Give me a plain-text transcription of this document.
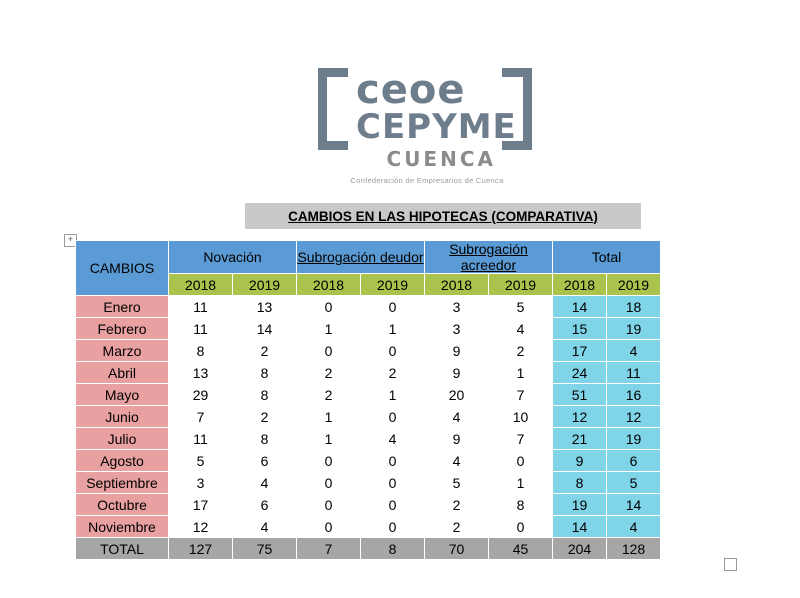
ceoe
CEPYME
CUENCA
Confederación de Empresarios de Cuenca
CAMBIOS EN LAS HIPOTECAS (COMPARATIVA)
+
CAMBIOS	Novación		Subrogación deudor		Subrogación acreedor		Total	
	2018	2019	2018	2019	2018	2019	2018	2019
Enero	11	13	0	0	3	5	14	18
Febrero	11	14	1	1	3	4	15	19
Marzo	8	2	0	0	9	2	17	4
Abril	13	8	2	2	9	1	24	11
Mayo	29	8	2	1	20	7	51	16
Junio	7	2	1	0	4	10	12	12
Julio	11	8	1	4	9	7	21	19
Agosto	5	6	0	0	4	0	9	6
Septiembre	3	4	0	0	5	1	8	5
Octubre	17	6	0	0	2	8	19	14
Noviembre	12	4	0	0	2	0	14	4
TOTAL	127	75	7	8	70	45	204	128
